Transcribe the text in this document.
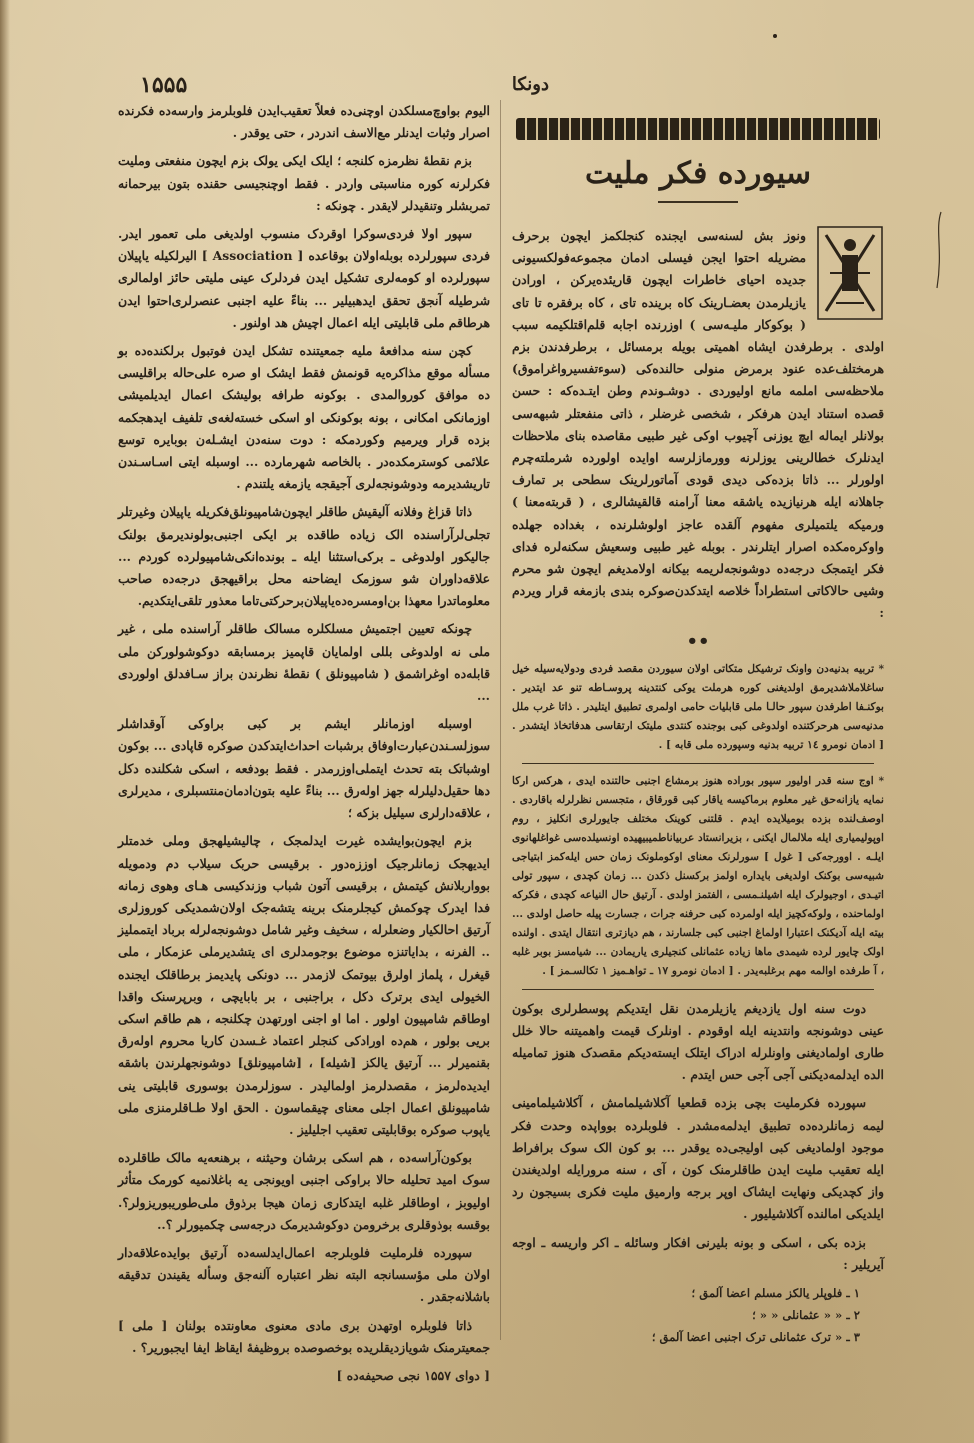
۱۵۵۵	دونکا
سیورده فکر ملیت

ونوز بش لسنه‌سی ایجنده کنجلکمز ایچون برحرف مضریله احتوا ایجن فیسلی ادمان مجموعه‌فولکسیونی جدیده احیای خاطرات ایچون قاریئده‌یرکن ، اورادن یازیلرمدن بعضـارینک کاه برینده تای ، کاه برفقره تا تای ( بوکوکار ملیـه‌سی ) اوزرنده اجابه قلم‌اقتلکیمه سبب اولدی . برطرفدن ایشاه اهمیتی بویله برمسائل ، برطرفدندن بزم هرمختلف‌عده عنود برمرض منولی حالنده‌کی (سوءتفسیرواغراموق) ملاحظه‌سی املمه مانع اولیوردی . دوشـوندم وطن ایتـده‌که : حسن قصده استناد ایدن هرفکر ، شخصی غرضلر ، ذاتی منفعتلر شبهه‌سی بولانلر ایماله ایچ یوزنی آچیوب اوکی غیر طبیی مقاصده بنای ملاحظات ایدنلرک خطالرینی یوزلرنه وورمازلرسه اوایده اولورده شرملته‌چرم اولورلر ... ذاتا بزده‌کی دیدی قودی آماتورلرینک سطحی بر تمارف جاهلانه ایله هرنیازیده یاشقه معنا آرامنه قالقیشالری ، ( قربته‌معنا ) ورمیکه یلتمیلری مفهوم آلقده عاجز اولوشلرنده ، بغداده جهلده واوکره‌مکده اصرار ایتلرندر . بوبله غیر طبیی وسعیش سکنه‌لره فدای فکر ایتمجک درجه‌ده دوشونجه‌لریمه بیکانه اولامدیغم ایچون شو محرم وشیی حالاکاتی استطراداً خلاصه ایتدکدن‌صوکره بندی بازمغه قرار ویردم :

••

* تربیه بدنیه‌دن واونک ترشیکل متکاتی اولان سیوردن مقصد فردی ودولایه‌سیله خیل ساغلاملاشدیرمق اولدیغنی کوره هرملت یوکی کنتدینه پروسـاطه تنو عد ایتدیر . بوکنـفا اطرفدن سپور حالـا ملی قابلیات حامی اولمری تطبیق ایتلیدر . ذاتا غرب ملل مدنیه‌سی هرحرکتنده اولدوغی کبی بوجنده کنتدی ملیتک ارتقاسی هدفاتخاذ ایتشدر . [ ادمان نومرو ۱٤ تربیه بدنیه وسپورده ملی قابه ] .

* اوج سنه قدر اولیور سپور بوراده هنوز برمشاع اجنبی حالتنده ایدی ، هرکس ارکا نمایه یازانه‌حق غیر معلوم برماکیسه یاقار کبی قورقاق ، متجسس نظرلرله باقاردی . اوصف‌لنده بزده بومیلایده ایدم . قلتنی کوینک مختلف جایورلری انکلیز ، روم اوپولیمیاری ایله ملالمال ایکنی ، بزیرانستاد عربیاناطمیبیهیده اونسیلده‌سی غواغلهانوی ایلـه . اوورجه‌کی [ غول ] سورلرنک معنای اوکوملونک زمان حس ایله‌کمز ابتیاجی شبیه‌سی بوکنک اولدیغی بایداره اولمز برکسنل ذکدن ... زمان کچدی ، سپور تولی اتیـدی ، اوجیولرک ایله اشیلنـمسی ، الفتمز اولدی . آرتیق حال النیاعه کچدی ، فکرکه اولماحنده ، ولوکه‌کچیز ایله اولمرده کبی حرفنه جرات ، جسارت پیله حاصل اولدی ... بیته ایله آدیکنک اعتبارا اولماغ اجنبی کبی جلسارند ، هم دیازتری انتقال ایتدی . اولنده اولک چایور لرده شیمدی ماها زیاده عثمانلی کنجیلری یاریمادن ... شیامسز بوبر غلبه ، آ طرفده اوالمه مهم برغلبه‌یدر . [ ادمان نومرو ۱۷ ـ تواهـمیز ۱ تکالسـمز ] .

دوت سنه اول یازدیغم یازیلرمدن نقل ایتدیکم پوسطرلری بوکون عینی دوشونجه وانتدینه ایله اوقودم . اونلرک قیمت واهمیتنه حالا خلل طاری اولمادیغنی واونلرله ادراک ایتلک ایسته‌دیکم مقصدک هنوز تمامیله الده ایدلمه‌دیکنی آجی آجی حس ایتدم .

سپورده فکرملیت بچی بزده قطعیا آکلاشیلمامش ، آکلاشیلمامینی لیمه زمانلرده‌ده تطبیق ایدلمه‌مشدر . فلوبلرده بوواپده وحدت فکر موجود اولمادیغی کبی اولیجی‌ده یوقدر ... بو کون الک سوک برافراط ایله تعقیب ملیت ایدن طاقلرمنک کون ، آی ، سنه مرورایله اولدیغندن واز کچدیکی ونهایت ایشاک اوپر برجه وارمیق ملیت فکری بسیجون رد ایلدیکی امالنده آکلاشیلیور .

بزده بکی ، اسکی و بونه بلیرنی افکار وسائله ـ اکر واریسه ـ اوجه آیریلیر :

۱ ـ فلوپلر یالکز مسلم اعضا آلمق ؛
۲ ـ « « عثمانلی « « ؛
۳ ـ « ترک عثمانلی ترک اجنبی اعضا آلمق ؛

الیوم بواوچ‌مسلکدن اوچنی‌ده فعلاً تعقیب‌ایدن فلوبلرمز وارسه‌ده فکرنده اصرار وثبات ایدنلر مع‌الاسف اندردر ، حتی یوقدر .

بزم نقطهٔ نظرمزه کلنجه ؛ ایلک ایکی یولک بزم ایچون منفعتی وملیت فکرلرنه کوره مناسبتی واردر . فقط اوچنجیسی حقنده بتون بیرحمانه تمربشلر وتنقیدلر لایقدر . چونکه :

سپور اولا فردی‌سوکرا اوقردک منسوب اولدیغی ملی تعمور ایدر. فردی سپورلرده بوبله‌اولان بوقاعده [ Association ] الیرلکیله یاپیلان سپورلرده او کومه‌لری تشکیل ایدن فردلرک عینی ملیتی حائز اولمالری شرطیله آنجق تحقق ایدهبیلیر ... بناءً علیه اجنبی عنصرلری‌احتوا ایدن هرطاقم ملی قابلیتی ایله اعمال اچیش هد اولنور .

کچن سنه مدافعهٔ ملیه جمعیتنده تشکل ایدن فوتبول برلکنده‌ده بو مسأله موقع مذاکره‌یه قونمش فقط ایشک او صره علی‌حاله براقلیسی ده موافق کوروالمدی . بوکونه طرافه بولیشک اعمال ایدیلمیشی اوزمانکی امکانی ، بونه بوکونکی او اسکی خسته‌لغه‌ی تلفیف ایدهجکمه بزده قرار ویرمیم وکوردمکه : دوت سنه‌دن ایشـله‌ن بوبایره توسع علائمی کوسترمکده‌در . بالخاصه شهرمارده ... اوسبله ایتی اسـاسـندن تاریشدیرمه ودوشونجه‌لری آجیقجه یازمغه یلتندم .

ذاتا قزاغ وفلانه آلیقیش طاقلر ایچون‌شامپیونلق‌فکریله یاپیلان وغیرتلر تجلی‌لرآراسنده الک زیاده طاقده بر ایکی اجنبی‌بولوندیرمق بولنک جالیکور اولدوغی ـ برکی‌استثنا ایله ـ بونده‌انکی‌شامپیولرده کوردم ... علاقه‌داوران شو سوزمک ایضاحنه محل براقیهجق درجه‌ده صاحب معلوماتدرا معهذا بن‌اومسره‌ده‌یاپیلان‌برحرکتی‌تاما معذور تلقی‌ایتکدیم.

چونکه تعیین اجتمیش مسلکلره مسالک طاقلر آراسنده ملی ، غیر ملی نه اولدوغی بللی اولمایان قاپمیز برمسابقه دوکوشولورکن ملی قابله‌ده اوغراشمق ( شامپیونلق ) نقطهٔ نظرندن براز سـافدلق اولوردی ...

اوسبله اوزمانلر ایشم بر کبی براوکی آوقداشلر سوزلسـندن‌عبارت‌اوفاق بر‌شبات احداث‌ایتدکدن صوکره قاپادی ... بوکون اوشباتک بته تحدث ایتملی‌اوزرمدر . فقط بودفعه ، اسکی شکلنده دکل دها حقیل‌دلیلرله جهز اوله‌رق ... بناءً علیه بتون‌ادمان‌منتسبلری ، مدیرلری ، علاقه‌دارلری سیلیل بزکه ؛

بزم ایچون‌بوایشده غیرت ایدلمجک ، چالیشیلهجق وملی خدمتلر ایدیهجک زمانلرجیک اوززه‌دور . برقیسی حربک سیلاب دم ودمویله بوواربلانش کیتمش ، برقیسی آتون شباب وزندکیسی هـای وهوی زمانه فدا ایدرک چوکمش کیجلرمنک برینه یتشه‌جک اولان‌شمدیکی کوروزلری آرتیق احالکیار وضعلرله ، سخیف وغیر شامل دوشونجه‌لرله برباد ایتمملیز .. الفرنه ، بدایاتنزه موضوع بوجومدلری ای یتشدیرملی عزمکار ، ملی قیغرل ، پلماز اولرق بیوتمک لازمدر ... دونکی پایدیمز برطاقلک ایجنده الخیولی‌ ایدی برترک دکل ، براجنبی ، بر بابایچی ، وبرپرسنک واقدا اوطاقم شامپیون اولور . اما او اجنی اورتهدن چکلنجه ، هم طاقم اسکی بریی بولور ، هم‌ده اورادکی کنجلر اعتماد غـسدن کاریا محروم اوله‌رق بقنمیرلر ... آرتیق یالکز [شیله] ، [شامپیونلق] دوشونجهلرندن باشقه ایدیده‌لرمز ، مقصدلرمز اولمالیدر . سوزلرمدن بوسوری قابلیتی ینی شامپیونلق اعمال اجلی معنای چیقماسون . الحق اولا طـاقلرمنزی ملی یاپوب صوکره بوقابلیتی تعقیب اجلیلیز .

بوکون‌آراسه‌ده ، هم اسکی برشان وحیثنه ، برهنعه‌یه مالک طاقلرده سوک امید تحلیله حالا براوکی اجنبی اویونجی یه باغلانمیه کورمک متأثر اولیوبز ، اوطاقلر غلبه ایتدکاری زمان هیجا برذوق ملی‌طوریبوریزولر؟. بوقسه بوذوقلری برخرومن دوکوشدیرمک درجه‌سی چکمیورلر ؟..

سپورده فلرملیت فلوبلرجه اعمال‌ایدلسه‌ده آرتیق بوایده‌علاقه‌دار اولان ملی مؤسسانجه البته نظر اعتباره آلنه‌جق وسأله یقیندن تدقیقه باشلانه‌جقدر .

ذاتا فلوبلره اوتهدن بری مادی معنوی معاونتده بولنان [ ملی ] جمعیترمنک شویازدیقلریده بوخصوصده بروظیفهٔ ایقاظ ایفا ایجبوریر؟ .

[ دوای ۱۵۵۷ نجی صحیفه‌ده ]
